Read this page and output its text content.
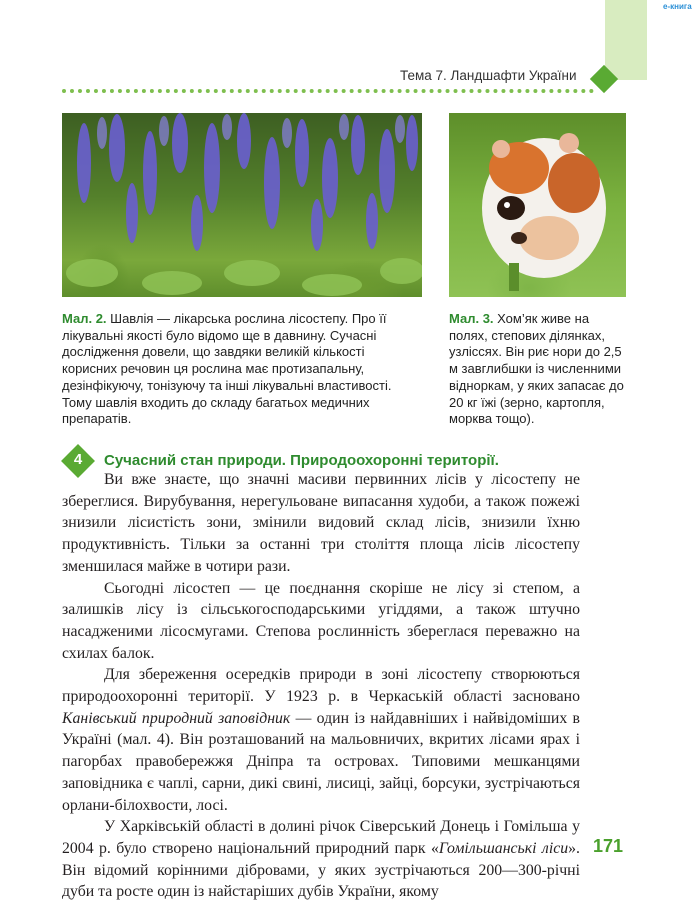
e-книга
Тема 7. Ландшафти України
Мал. 2. Шавлія — лікарська рослина лісостепу. Про її лікувальні якості було відомо ще в давнину. Сучасні дослідження довели, що завдяки великій кількості корисних речовин ця рослина має протизапальну, дезінфікуючу, тонізуючу та інші лікувальні властивості. Тому шавлія входить до складу багатьох медичних препаратів.
Мал. 3. Хом’як живе на полях, степових ділянках, узліссях. Він риє нори до 2,5 м завглибшки із численними відноркам, у яких запасає до 20 кг їжі (зерно, картопля, морква тощо).
4	Сучасний стан природи. Природоохоронні території.

Ви вже знаєте, що значні масиви первинних лісів у лісостепу не збереглися. Вирубування, нерегульоване випасання худоби, а також пожежі знизили лісистість зони, змінили видовий склад лісів, знизили їхню продуктивність. Тільки за останні три століття площа лісів лісостепу зменшилася майже в чотири рази.

Сьогодні лісостеп — це поєднання скоріше не лісу зі степом, а залишків лісу із сільськогосподарськими угіддями, а також штучно насадженими лісосмугами. Степова рослинність збереглася переважно на схилах балок.

Для збереження осередків природи в зоні лісостепу створюються природоохоронні території. У 1923 р. в Черкаській області засновано Канівський природний заповідник — один із найдавніших і найвідоміших в Україні (мал. 4). Він розташований на мальовничих, вкритих лісами ярах і пагорбах правобережжя Дніпра та островах. Типовими мешканцями заповідника є чаплі, сарни, дикі свині, лисиці, зайці, борсуки, зустрічаються орлани-білохвости, лосі.

У Харківській області в долині річок Сіверський Донець і Гомільша у 2004 р. було створено національний природний парк «Гомільшанські ліси». Він відомий корінними дібровами, у яких зустрічаються 200—300-річні дуби та росте один із найстаріших дубів України, якому

171
